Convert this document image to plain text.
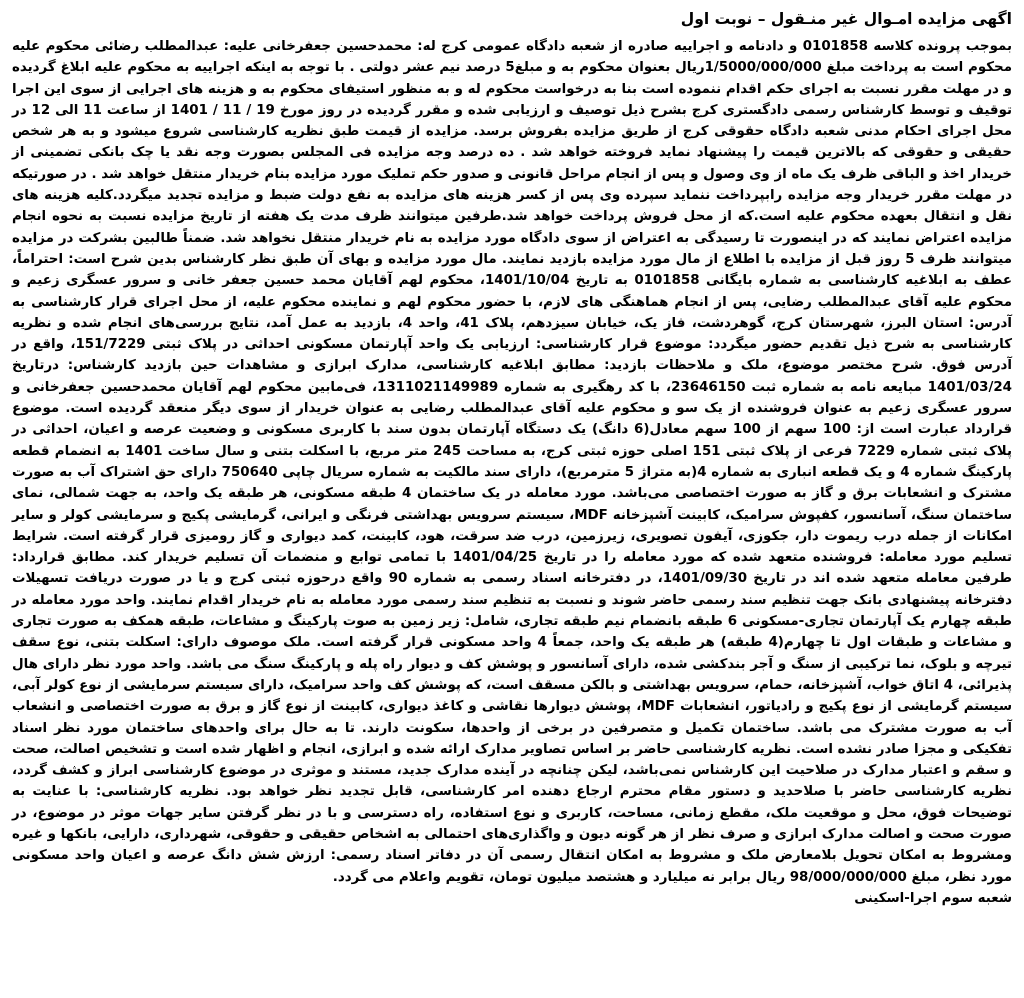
اگهی مزایده امـوال غیر منـقول – نوبت اول

بموجب پرونده کلاسه 0101858 و دادنامه و اجراییه صادره از شعبه دادگاه عمومی کرج له: محمدحسین جعفرخانی علیه: عبدالمطلب رضائی محکوم علیه محکوم است به پرداخت مبلغ 1/5000/000/000ریال بعنوان محکوم به و مبلغ5 درصد نیم عشر دولتی . با توجه به اینکه اجراییه به محکوم علیه ابلاغ گردیده و در مهلت مقرر نسبت به اجرای حکم اقدام ننموده است بنا به درخواست محکوم له و به منظور استیفای محکوم به و هزینه های اجرایی از سوی این اجرا توقیف و توسط کارشناس رسمی دادگستری کرج بشرح ذیل توصیف و ارزیابی شده و مقرر گردیده در روز مورخ 19 / 11 / 1401 از ساعت 11 الی 12 در محل اجرای احکام مدنی شعبه دادگاه حقوقی کرج از طریق مزایده بفروش برسد. مزایده از قیمت طبق نظریه کارشناسی شروع میشود و به هر شخص حقیقی و حقوقی که بالاترین قیمت را پیشنهاد نماید فروخته خواهد شد . ده درصد وجه مزایده فی المجلس بصورت وجه نقد یا چک بانکی تضمینی از خریدار اخذ و الباقی ظرف یک ماه از وی وصول و پس از انجام مراحل قانونی و صدور حکم تملیک مورد مزایده بنام خریدار منتقل خواهد شد . در صورتیکه در مهلت مقرر خریدار وجه مزایده رابپرداخت ننماید سپرده وی پس از کسر هزینه های مزایده به نفع دولت ضبط و مزایده تجدید میگردد.کلیه هزینه های نقل و انتقال بعهده محکوم علیه است.که از محل فروش پرداخت خواهد شد.طرفین میتوانند ظرف مدت یک هفته از تاریخ مزایده نسبت به نحوه انجام مزایده اعتراض نمایند که در اینصورت تا رسیدگی به اعتراض از سوی دادگاه مورد مزایده به نام خریدار منتقل نخواهد شد. ضمناً طالبین بشرکت در مزایده میتوانند ظرف 5 روز قبل از مزایده با اطلاع از مال مورد مزایده بازدید نمایند. مال مورد مزایده و بهای آن طبق نظر کارشناس بدین شرح است: احتراماً، عطف به ابلاغیه کارشناسی به شماره بایگانی 0101858 به تاریخ 1401/10/04، محکوم لهم آقایان محمد حسین جعفر خانی و سرور عسگری زعیم و محکوم علیه آقای عبدالمطلب رضایی، پس از انجام هماهنگی های لازم، با حضور محکوم لهم و نماینده محکوم علیه، از محل اجرای قرار کارشناسی به آدرس: استان البرز، شهرستان کرج، گوهردشت، فاز یک، خیابان سیزدهم، پلاک 41، واحد 4، بازدید به عمل آمد، نتایج بررسی‌های انجام شده و نظریه کارشناسی به شرح ذیل تقدیم حضور میگردد: موضوع قرار کارشناسی: ارزیابی یک واحد آپارتمان مسکونی احداثی در پلاک ثبتی 151/7229، واقع در آدرس فوق. شرح مختصر موضوع، ملک و ملاحظات بازدید: مطابق ابلاغیه کارشناسی، مدارک ابرازی و مشاهدات حین بازدید کارشناس: درتاریخ 1401/03/24 مبایعه نامه به شماره ثبت 23646150، با کد رهگیری به شماره 1311021149989، فی‌مابین محکوم لهم آقایان محمدحسین جعفرخانی و سرور عسگری زعیم به عنوان فروشنده از یک سو و محکوم علیه آقای عبدالمطلب رضایی به عنوان خریدار از سوی دیگر منعقد گردیده است. موضوع قرارداد عبارت است از: 100 سهم از 100 سهم معادل(6 دانگ) یک دستگاه آپارتمان بدون سند با کاربری مسکونی و وضعیت عرصه و اعیان، احداثی در پلاک ثبتی شماره 7229 فرعی از پلاک ثبتی 151 اصلی حوزه ثبتی کرج، به مساحت 245 متر مربع، با اسکلت بتنی و سال ساخت 1401 به انضمام قطعه پارکینگ شماره 4 و یک قطعه انباری به شماره 4(به متراژ 5 مترمربع)، دارای سند مالکیت به شماره سریال چاپی 750640 دارای حق اشتراک آب به صورت مشترک و انشعابات برق و گاز به صورت اختصاصی می‌باشد. مورد معامله در یک ساختمان 4 طبقه مسکونی، هر طبقه یک واحد، به جهت شمالی، نمای ساختمان سنگ، آسانسور، کفپوش سرامیک، کابینت آشپزخانه MDF، سیستم سرویس بهداشتی فرنگی و ایرانی، گرمایشی پکیج و سرمایشی کولر و سایر امکانات از جمله درب ریموت دار، جکوزی، آیفون تصویری، زیرزمین، درب ضد سرقت، هود، کابینت، کمد دیواری و گاز رومیزی قرار گرفته است. شرایط تسلیم مورد معامله: فروشنده متعهد شده که مورد معامله را در تاریخ 1401/04/25 با تمامی توابع و منضمات آن تسلیم خریدار کند. مطابق قرارداد: طرفین معامله متعهد شده اند در تاریخ 1401/09/30، در دفترخانه اسناد رسمی به شماره 90 واقع درحوزه ثبتی کرج و یا در صورت دریافت تسهیلات دفترخانه پیشنهادی بانک جهت تنظیم سند رسمی حاضر شوند و نسبت به تنظیم سند رسمی مورد معامله به نام خریدار اقدام نمایند. واحد مورد معامله در طبقه چهارم یک آپارتمان تجاری-مسکونی 6 طبقه بانضمام نیم طبقه تجاری، شامل: زیر زمین به صوت پارکینگ و مشاعات، طبقه همکف به صورت تجاری و مشاعات و طبقات اول تا چهارم(4 طبقه) هر طبقه یک واحد، جمعاً 4 واحد مسکونی قرار گرفته است. ملک موصوف دارای: اسکلت بتنی، نوع سقف تیرچه و بلوک، نما ترکیبی از سنگ و آجر بندکشی شده، دارای آسانسور و پوشش کف و دیوار راه پله و پارکینگ سنگ می باشد. واحد مورد نظر دارای هال پذیرائی، 4 اتاق خواب، آشپزخانه، حمام، سرویس بهداشتی و بالکن مسقف است، که پوشش کف واحد سرامیک، دارای سیستم سرمایشی از نوع کولر آبی، سیستم گرمایشی از نوع پکیج و رادیاتور، انشعابات MDF، پوشش دیوارها نقاشی و کاغذ دیواری، کابینت از نوع گاز و برق به صورت اختصاصی و انشعاب آب به صورت مشترک می باشد. ساختمان تکمیل و متصرفین در برخی از واحدها، سکونت دارند. تا به حال برای واحدهای ساختمان مورد نظر اسناد تفکیکی و مجزا صادر نشده است. نظریه کارشناسی حاضر بر اساس تصاویر مدارک ارائه شده و ابرازی، انجام و اظهار شده است و تشخیص اصالت، صحت و سقم و اعتبار مدارک در صلاحیت این کارشناس نمی‌باشد، لیکن چنانچه در آینده مدارک جدید، مستند و موثری در موضوع کارشناسی ابراز و کشف گردد، نظریه کارشناسی حاضر با صلاحدید و دستور مقام محترم ارجاع دهنده امر کارشناسی، قابل تجدید نظر خواهد بود. نظریه کارشناسی: با عنایت به توضیحات فوق، محل و موقعیت ملک، مقطع زمانی، مساحت، کاربری و نوع استفاده، راه دسترسی و با در نظر گرفتن سایر جهات موثر در موضوع، در صورت صحت و اصالت مدارک ابرازی و صرف نظر از هر گونه دیون و واگذاری‌های احتمالی به اشخاص حقیقی و حقوقی، شهرداری، دارایی، بانکها و غیره ومشروط به امکان تحویل بلامعارض ملک و مشروط به امکان انتقال رسمی آن در دفاتر اسناد رسمی: ارزش شش دانگ عرصه و اعیان واحد مسکونی مورد نظر، مبلغ 98/000/000/000 ریال برابر نه میلیارد و هشتصد میلیون تومان، تقویم واعلام می گردد.

شعبه سوم اجرا-اسکینی
